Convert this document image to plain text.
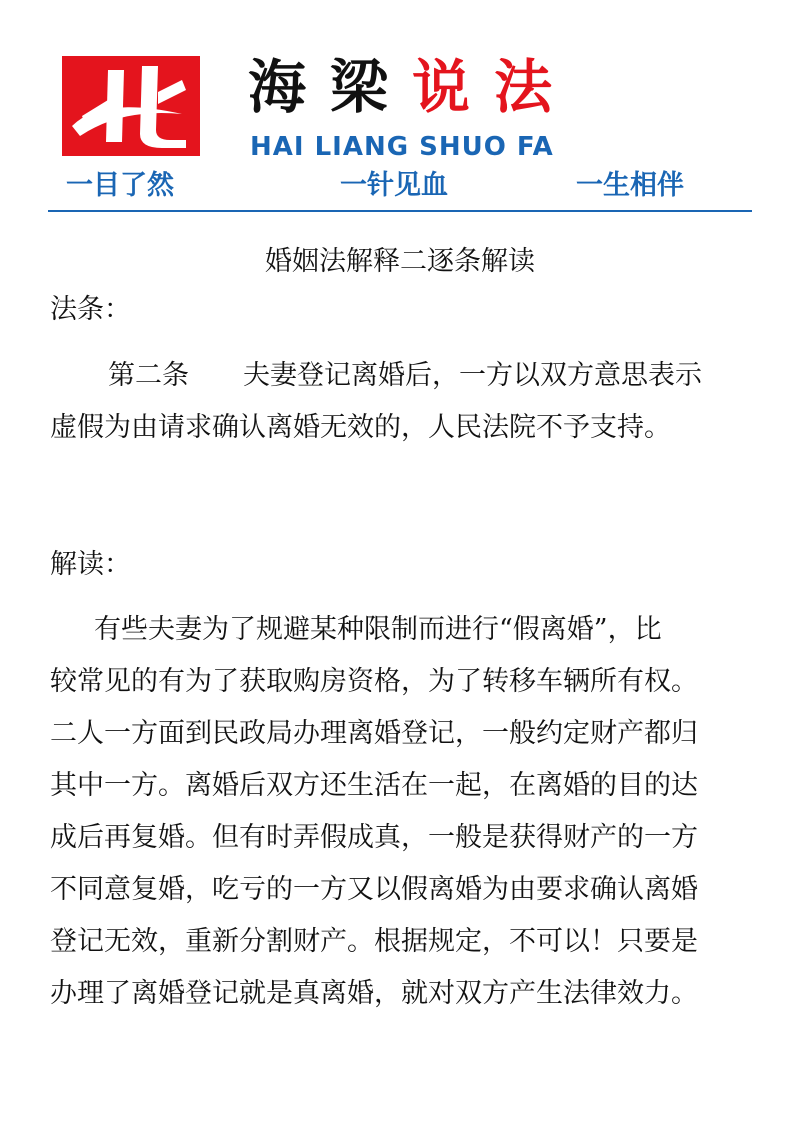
海梁说法
HAI LIANG SHUO FA
一目了然	一针见血	一生相伴
婚姻法解释二逐条解读
法条：
第二条　　夫妻登记离婚后，一方以双方意思表示
虚假为由请求确认离婚无效的，人民法院不予支持。
解读：
有些夫妻为了规避某种限制而进行“假离婚”，比
较常见的有为了获取购房资格，为了转移车辆所有权。
二人一方面到民政局办理离婚登记，一般约定财产都归
其中一方。离婚后双方还生活在一起，在离婚的目的达
成后再复婚。但有时弄假成真，一般是获得财产的一方
不同意复婚，吃亏的一方又以假离婚为由要求确认离婚
登记无效，重新分割财产。根据规定，不可以！只要是
办理了离婚登记就是真离婚，就对双方产生法律效力。
